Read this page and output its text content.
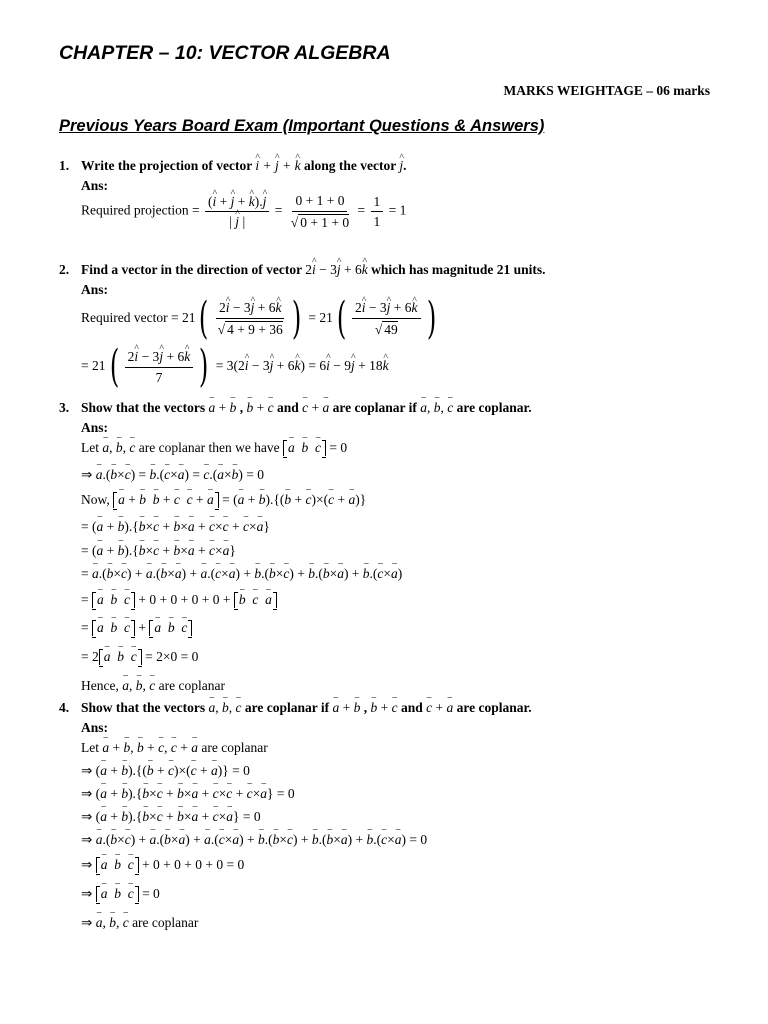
CHAPTER – 10: VECTOR ALGEBRA
MARKS WEIGHTAGE – 06 marks
Previous Years Board Exam (Important Questions & Answers)
1. Write the projection of vector ^ i + ^ j + ^ k along the vector ^ j.
Ans:
Required projection = $\frac{(\^{} i + \^{} j + \^{} k).\^{} j}{| \^{} j |} = \frac{0 + 1 + 0}{√ 0 + 1 + 0} = \frac{1}{1} = 1$
2. Find a vector in the direction of vector 2^ i − 3^ j + 6^ k which has magnitude 21 units.
Ans:
Required vector = $21( \frac{2\^{} i - 3\^{} j + 6\^{} k}{√ 4 + 9 + 36}$ ) = $21( \frac{2\^{} i - 3\^{} j + 6\^{} k}{√ 49}$ )
= $21( \frac{2\^{} i - 3\^{} j + 6\^{} k}{7}$ ) = 3(2^ i − 3^ j + 6^ k) = 6^ i − 9^ j + 18^ k
3. Show that the vectors − a + − b , − b + − c and − c + − a are coplanar if − a, − b, − c are coplanar.
Ans:
Let − a, − b, − c are coplanar then we have − a − b − c = 0
⇒ − a.(− b×− c) = − b.(− c×− a) = − c.(− a×− b) = 0
Now, − a + − b − b + − c − c + − a = (− a + − b).{(− b + − c)×(− c + − a)}
= (− a + − b).{− b×− c + − b×− a + − c×− c + − c×− a}
= (− a + − b).{− b×− c + − b×− a + − c×− a}
= − a.(− b×− c) + − a.(− b×− a) + − a.(− c×− a) + − b.(− b×− c) + − b.(− b×− a) + − b.(− c×− a)
= − a − b − c + 0 + 0 + 0 + 0 + − b − c − a
= − a − b − c + − a − b − c
= 2 − a − b − c = 2×0 = 0
Hence, − a, − b, − c are coplanar
4. Show that the vectors − a, − b, − c are coplanar if − a + − b , − b + − c and − c + − a are coplanar.
Ans:
Let − a + − b, − b + − c, − c + − a are coplanar
⇒ (− a + − b).{(− b + − c)×(− c + − a)} = 0
⇒ (− a + − b).{− b×− c + − b×− a + − c×− c + − c×− a} = 0
⇒ (− a + − b).{− b×− c + − b×− a + − c×− a} = 0
⇒ − a.(− b×− c) + − a.(− b×− a) + − a.(− c×− a) + − b.(− b×− c) + − b.(− b×− a) + − b.(− c×− a) = 0
⇒ − a − b − c + 0 + 0 + 0 + 0 = 0
⇒ − a − b − c = 0
⇒ − a, − b, − c are coplanar
